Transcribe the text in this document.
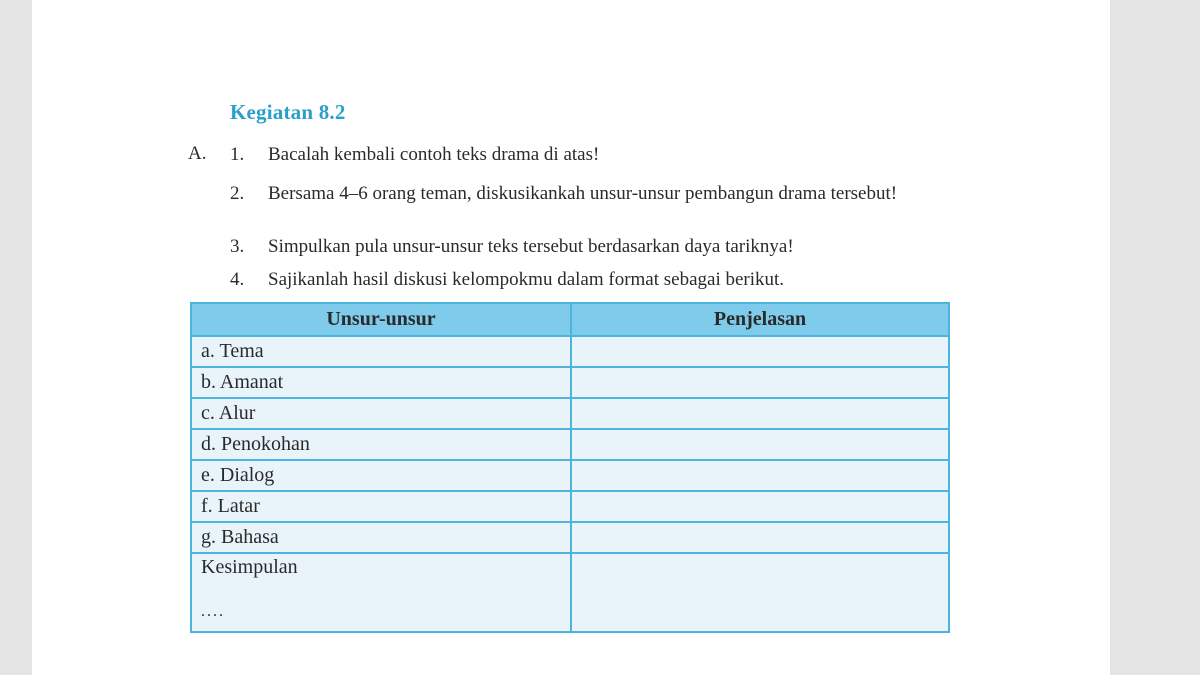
Kegiatan 8.2
A. 1.	Bacalah kembali contoh teks drama di atas!
2.	Bersama 4–6 orang teman, diskusikankah unsur-unsur pembangun drama tersebut!
3.	Simpulkan pula unsur-unsur teks tersebut berdasarkan daya tariknya!
4.	Sajikanlah hasil diskusi kelompokmu dalam format sebagai berikut.
Unsur-unsur	Penjelasan
a. Tema	
b. Amanat	
c. Alur	
d. Penokohan	
e. Dialog	
f. Latar	
g. Bahasa	
Kesimpulan
....	
